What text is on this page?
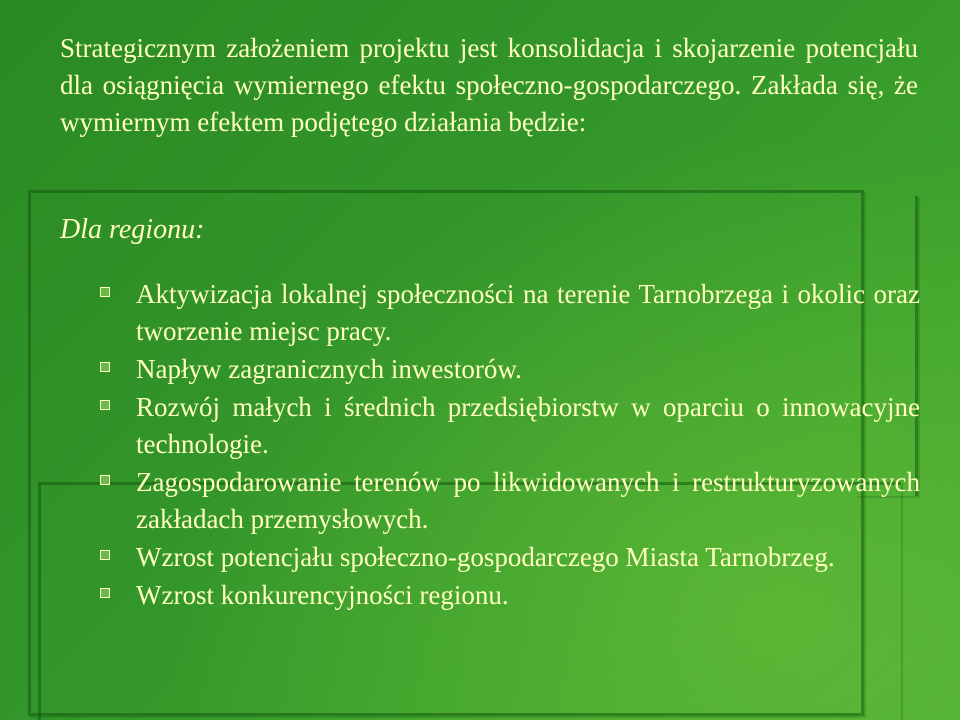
Strategicznym założeniem projektu jest konsolidacja i skojarzenie potencjału dla osiągnięcia wymiernego efektu społeczno-gospodarczego. Zakłada się, że wymiernym efektem podjętego działania będzie:
Dla regionu:
Aktywizacja lokalnej społeczności na terenie Tarnobrzega i okolic oraz tworzenie miejsc pracy.
Napływ zagranicznych inwestorów.
Rozwój małych i średnich przedsiębiorstw w oparciu o innowacyjne technologie.
Zagospodarowanie terenów po likwidowanych i restrukturyzowanych zakładach przemysłowych.
Wzrost potencjału społeczno-gospodarczego Miasta Tarnobrzeg.
Wzrost konkurencyjności regionu.
